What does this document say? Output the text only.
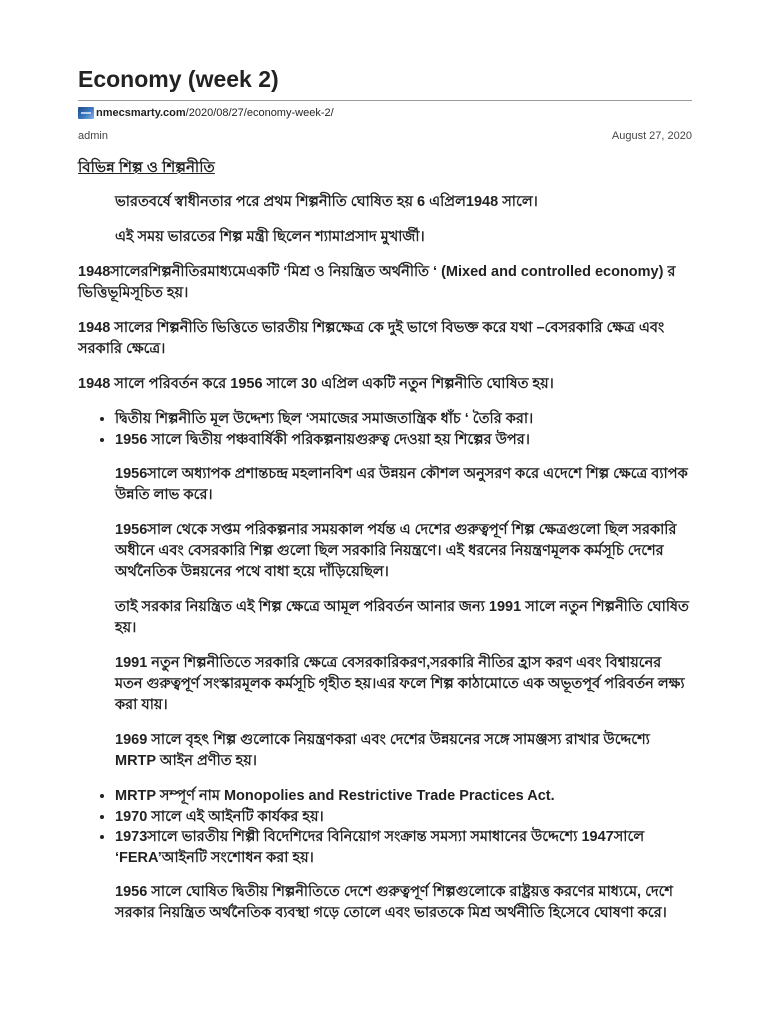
Economy (week 2)
nmecsmarty.com /2020/08/27/economy-week-2/
admin	August 27, 2020
বিভিন্ন শিল্প ও শিল্পনীতি

ভারতবর্ষে স্বাধীনতার পরে প্রথম শিল্পনীতি ঘোষিত হয় 6 এপ্রিল1948 সালে।

এই সময় ভারতের শিল্প মন্ত্রী ছিলেন শ্যামাপ্রসাদ মুখার্জী।

1948সালেরশিল্পনীতিরমাধ্যমেএকটি ‘মিশ্র ও নিয়ন্ত্রিত অর্থনীতি ‘ (Mixed and controlled economy) র ভিত্তিভূমিসূচিত হয়।

1948 সালের শিল্পনীতি ভিত্তিতে ভারতীয় শিল্পক্ষেত্র কে দুই ভাগে বিভক্ত করে যথা –বেসরকারি ক্ষেত্র এবং সরকারি ক্ষেত্রে।

1948 সালে পরিবর্তন করে 1956 সালে 30 এপ্রিল একটি নতুন শিল্পনীতি ঘোষিত হয়।

• দ্বিতীয় শিল্পনীতি মূল উদ্দেশ্য ছিল ‘সমাজের সমাজতান্ত্রিক ধাঁচ ‘ তৈরি করা।
• 1956 সালে দ্বিতীয় পঞ্চবার্ষিকী পরিকল্পনায়গুরুত্ব দেওয়া হয় শিল্পের উপর।

1956সালে অধ্যাপক প্রশান্তচন্দ্র মহলানবিশ এর উন্নয়ন কৌশল অনুসরণ করে এদেশে শিল্প ক্ষেত্রে ব্যাপক উন্নতি লাভ করে।

1956সাল থেকে সপ্তম পরিকল্পনার সময়কাল পর্যন্ত এ দেশের গুরুত্বপূর্ণ শিল্প ক্ষেত্রগুলো ছিল সরকারি অধীনে এবং বেসরকারি শিল্প গুলো ছিল সরকারি নিয়ন্ত্রণে। এই ধরনের নিয়ন্ত্রণমূলক কর্মসূচি দেশের অর্থনৈতিক উন্নয়নের পথে বাধা হয়ে দাঁড়িয়েছিল।

তাই সরকার নিয়ন্ত্রিত এই শিল্প ক্ষেত্রে আমূল পরিবর্তন আনার জন্য 1991 সালে নতুন শিল্পনীতি ঘোষিত হয়।

1991 নতুন শিল্পনীতিতে সরকারি ক্ষেত্রে বেসরকারিকরণ,সরকারি নীতির হ্রাস করণ এবং বিশ্বায়নের মতন গুরুত্বপূর্ণ সংস্কারমূলক কর্মসূচি গৃহীত হয়।এর ফলে শিল্প কাঠামোতে এক অভূতপূর্ব পরিবর্তন লক্ষ্য করা যায়।

1969 সালে বৃহৎ শিল্প গুলোকে নিয়ন্ত্রণকরা এবং দেশের উন্নয়নের সঙ্গে সামঞ্জস্য রাখার উদ্দেশ্যে MRTP আইন প্রণীত হয়।

• MRTP সম্পূর্ণ নাম Monopolies and Restrictive Trade Practices Act.
• 1970 সালে এই আইনটি কার্যকর হয়।
• 1973সালে ভারতীয় শিল্পী বিদেশিদের বিনিয়োগ সংক্রান্ত সমস্যা সমাধানের উদ্দেশ্যে 1947সালে ‘FERA’আইনটি সংশোধন করা হয়।

1956 সালে ঘোষিত দ্বিতীয় শিল্পনীতিতে দেশে গুরুত্বপূর্ণ শিল্পগুলোকে রাষ্ট্রয়ত্ত করণের মাধ্যমে, দেশে সরকার নিয়ন্ত্রিত অর্থনৈতিক ব্যবস্থা গড়ে তোলে এবং ভারতকে মিশ্র অর্থনীতি হিসেবে ঘোষণা করে।
